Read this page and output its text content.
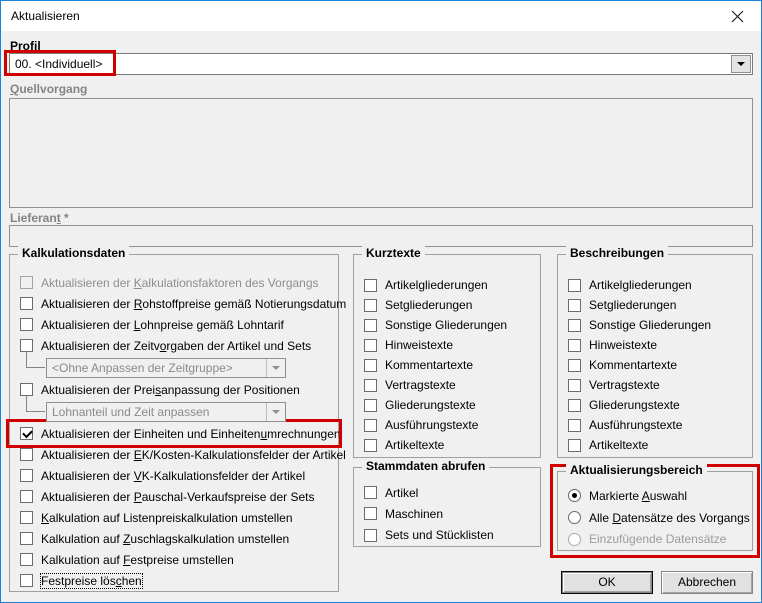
Aktualisieren
Profil
00. <Individuell>
Quellvorgang
Lieferant *
Kalkulationsdaten
Aktualisieren der Kalkulationsfaktoren des Vorgangs
Aktualisieren der Rohstoffpreise gemäß Notierungsdatum
Aktualisieren der Lohnpreise gemäß Lohntarif
Aktualisieren der Zeitvorgaben der Artikel und Sets
<Ohne Anpassen der Zeitgruppe>
Aktualisieren der Preisanpassung der Positionen
Lohnanteil und Zeit anpassen
Aktualisieren der Einheiten und Einheitenumrechnungen
Aktualisieren der EK/Kosten-Kalkulationsfelder der Artikel
Aktualisieren der VK-Kalkulationsfelder der Artikel
Aktualisieren der Pauschal-Verkaufspreise der Sets
Kalkulation auf Listenpreiskalkulation umstellen
Kalkulation auf Zuschlagskalkulation umstellen
Kalkulation auf Festpreise umstellen
Festpreise löschen
Kurztexte
Artikelgliederungen
Setgliederungen
Sonstige Gliederungen
Hinweistexte
Kommentartexte
Vertragstexte
Gliederungstexte
Ausführungstexte
Artikeltexte
Stammdaten abrufen
Artikel
Maschinen
Sets und Stücklisten
Beschreibungen
Artikelgliederungen
Setgliederungen
Sonstige Gliederungen
Hinweistexte
Kommentartexte
Vertragstexte
Gliederungstexte
Ausführungstexte
Artikeltexte
Aktualisierungsbereich
Markierte Auswahl
Alle Datensätze des Vorgangs
Einzufügende Datensätze
OK	Abbrechen
